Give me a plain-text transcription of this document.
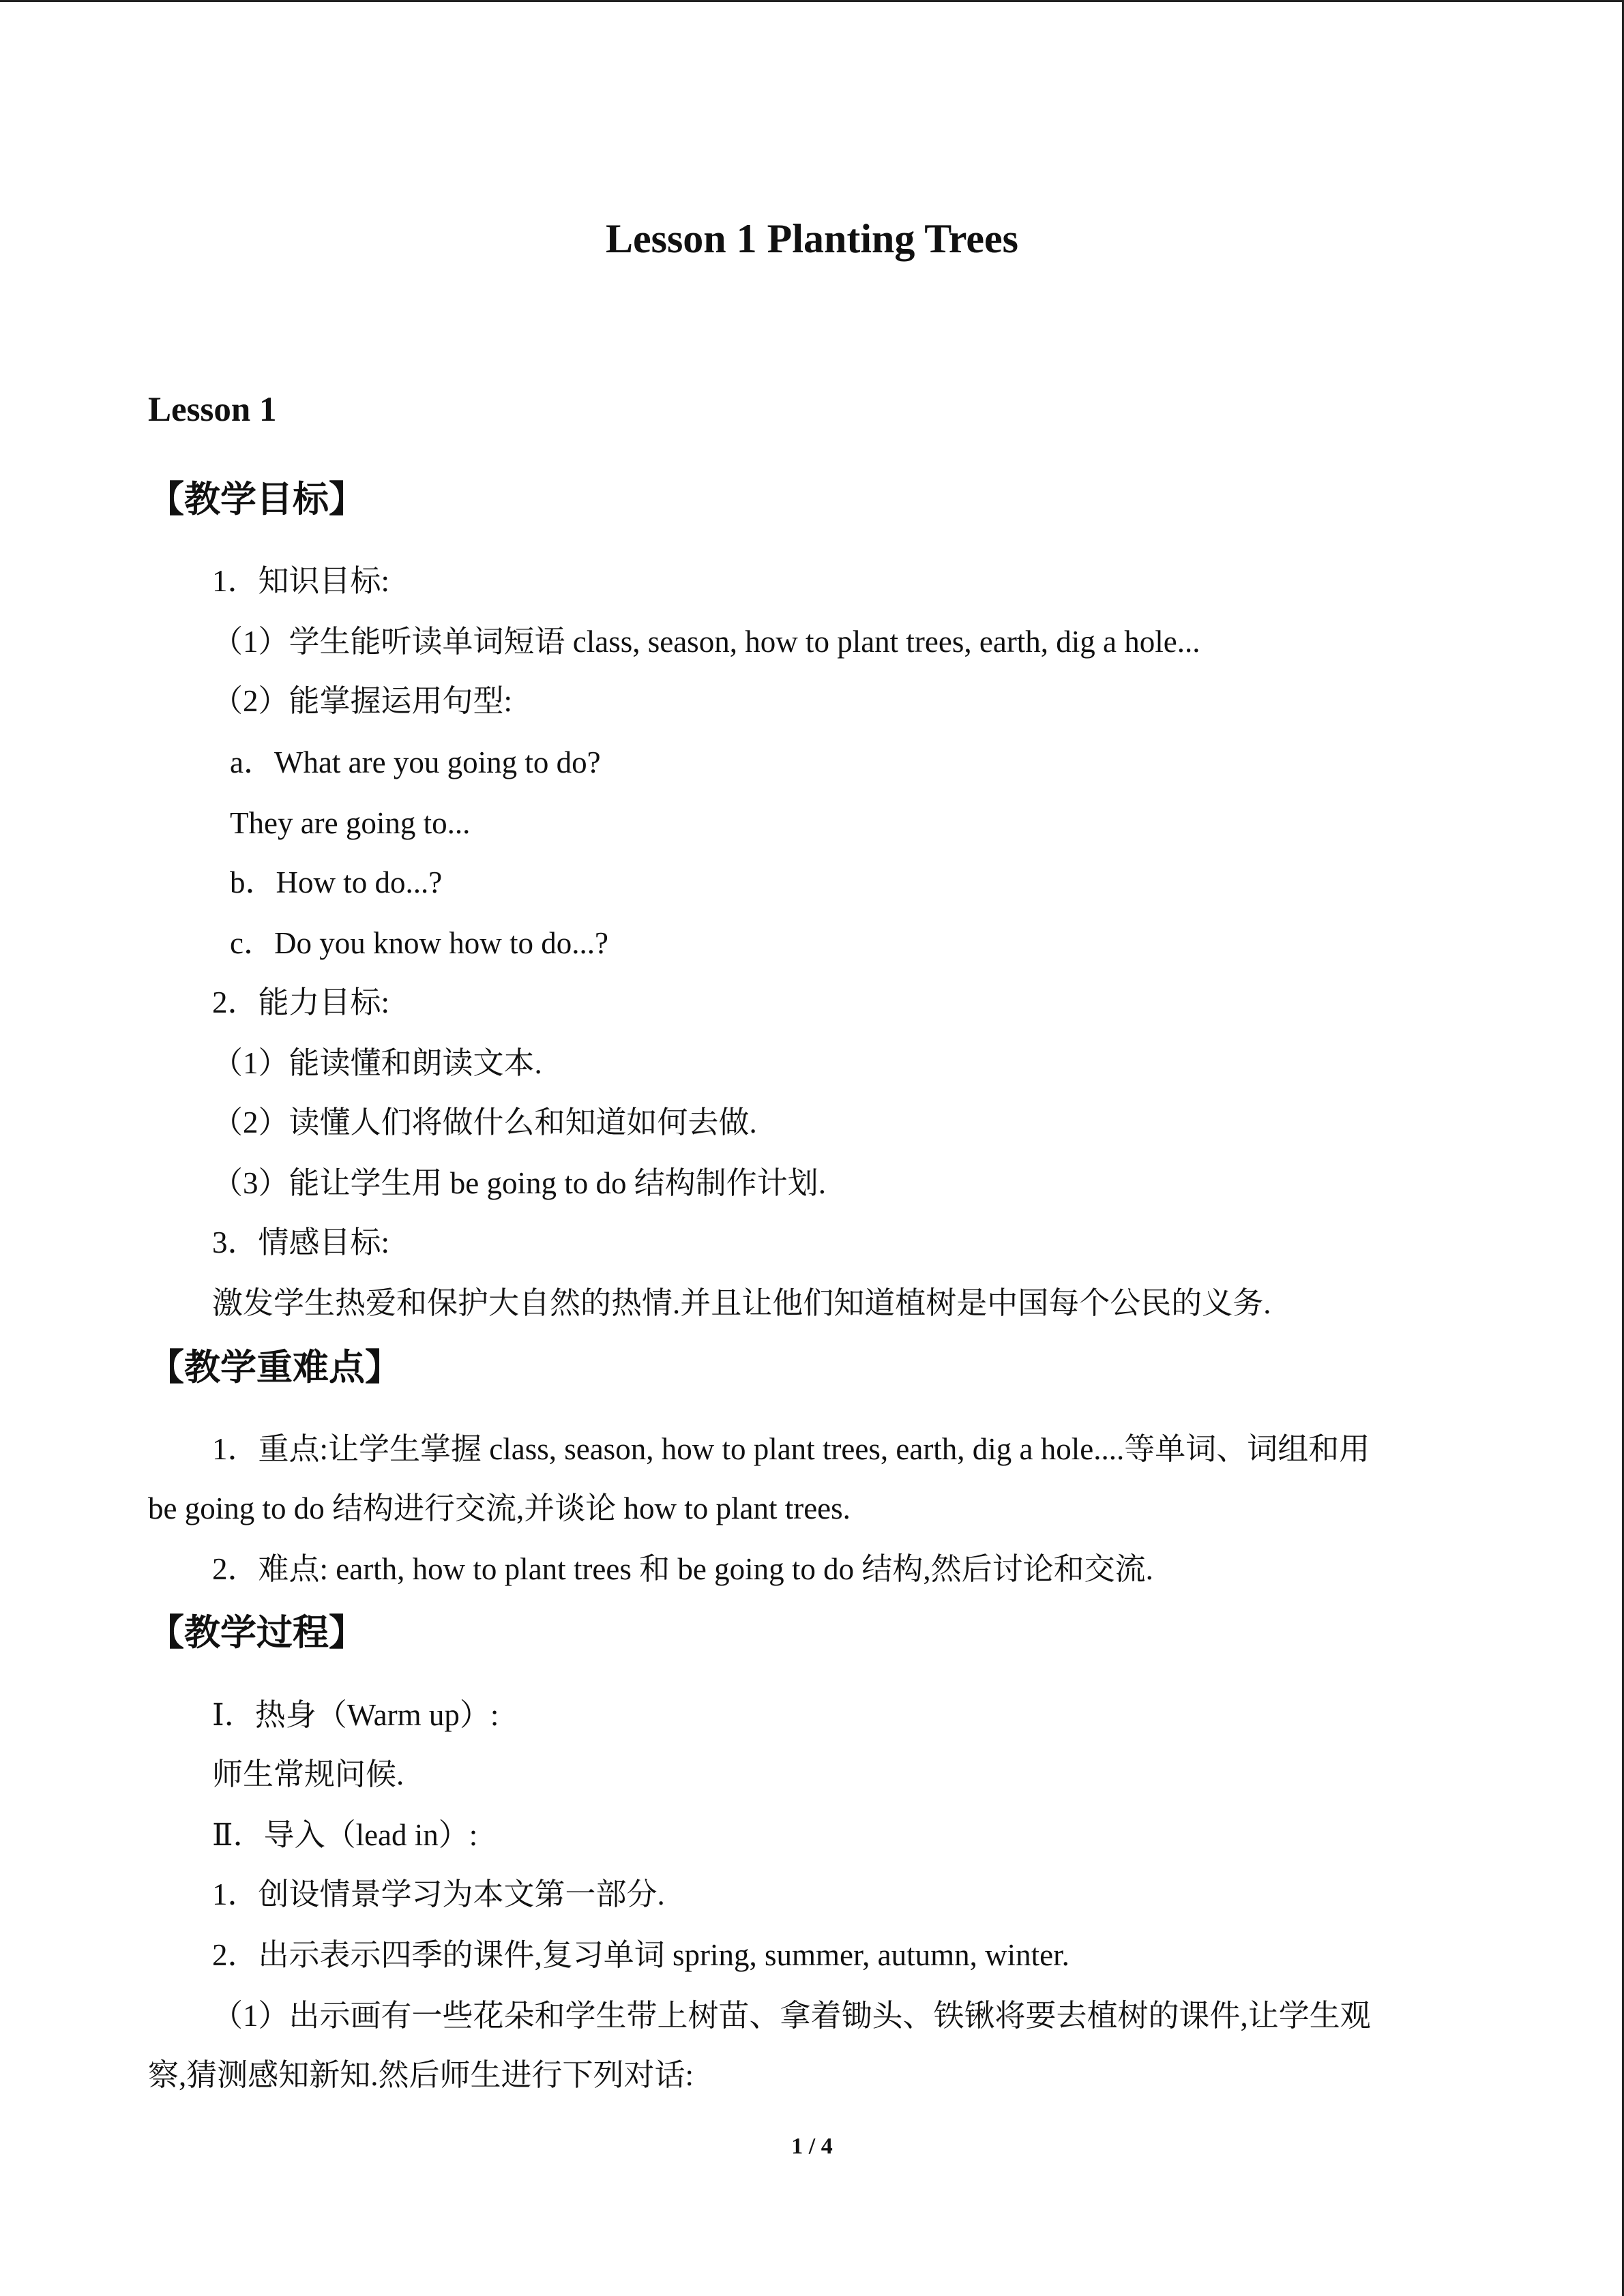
Lesson 1 Planting Trees
Lesson 1
【教学目标】
1．知识目标:
（1）学生能听读单词短语 class, season, how to plant trees, earth, dig a hole...
（2）能掌握运用句型:
a．What are you going to do?
They are going to...
b．How to do...?
c．Do you know how to do...?
2．能力目标:
（1）能读懂和朗读文本.
（2）读懂人们将做什么和知道如何去做.
（3）能让学生用 be going to do 结构制作计划.
3．情感目标:
激发学生热爱和保护大自然的热情.并且让他们知道植树是中国每个公民的义务.
【教学重难点】
1．重点:让学生掌握 class, season, how to plant trees, earth, dig a hole....等单词、词组和用
be going to do 结构进行交流,并谈论 how to plant trees.
2．难点: earth, how to plant trees 和 be going to do 结构,然后讨论和交流.
【教学过程】
Ⅰ．热身（Warm up）:
师生常规问候.
Ⅱ．导入（lead in）:
1．创设情景学习为本文第一部分.
2．出示表示四季的课件,复习单词 spring, summer, autumn, winter.
（1）出示画有一些花朵和学生带上树苗、拿着锄头、铁锹将要去植树的课件,让学生观
察,猜测感知新知.然后师生进行下列对话:
1 / 4
